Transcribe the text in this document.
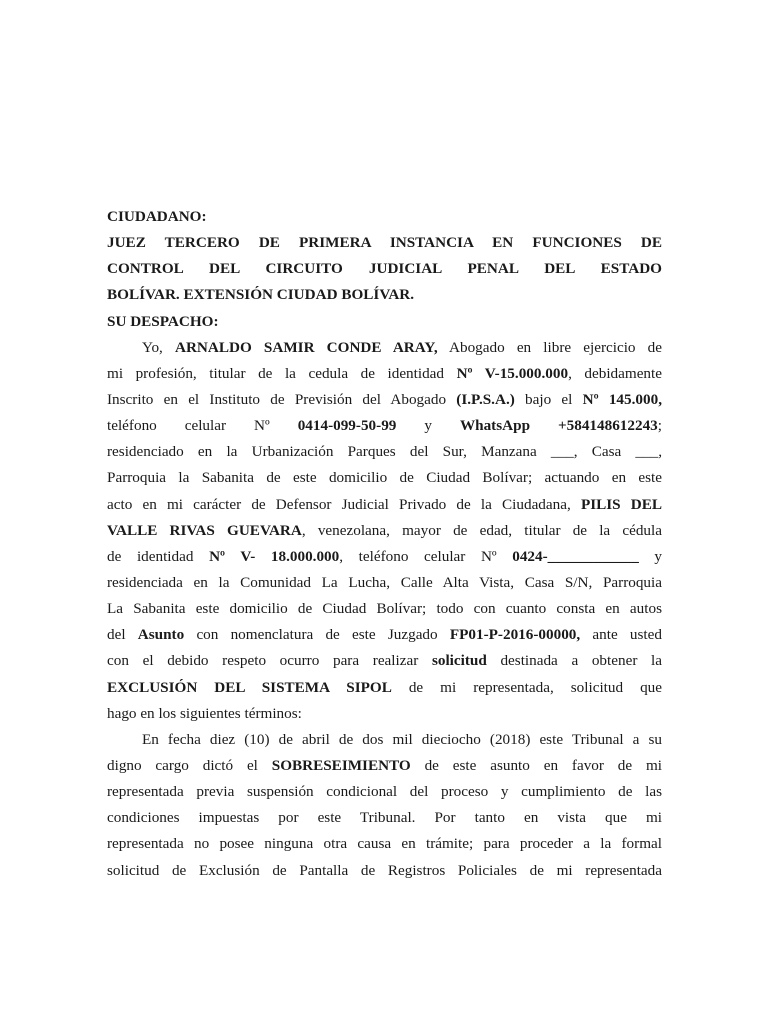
CIUDADANO:
JUEZ TERCERO DE PRIMERA INSTANCIA EN FUNCIONES DE
CONTROL DEL CIRCUITO JUDICIAL PENAL DEL ESTADO
BOLÍVAR. EXTENSIÓN CIUDAD BOLÍVAR.
SU DESPACHO:
Yo, ARNALDO SAMIR CONDE ARAY, Abogado en libre ejercicio de
mi profesión, titular de la cedula de identidad Nº V-15.000.000, debidamente
Inscrito en el Instituto de Previsión del Abogado (I.P.S.A.) bajo el Nº 145.000,
teléfono celular Nº 0414-099-50-99 y WhatsApp +584148612243;
residenciado en la Urbanización Parques del Sur, Manzana ___, Casa ___,
Parroquia la Sabanita de este domicilio de Ciudad Bolívar; actuando en este
acto en mi carácter de Defensor Judicial Privado de la Ciudadana, PILIS DEL
VALLE RIVAS GUEVARA, venezolana, mayor de edad, titular de la cédula
de identidad Nº V- 18.000.000, teléfono celular Nº 0424-____________ y
residenciada en la Comunidad La Lucha, Calle Alta Vista, Casa S/N, Parroquia
La Sabanita este domicilio de Ciudad Bolívar; todo con cuanto consta en autos
del Asunto con nomenclatura de este Juzgado FP01-P-2016-00000, ante usted
con el debido respeto ocurro para realizar solicitud destinada a obtener la
EXCLUSIÓN DEL SISTEMA SIPOL de mi representada, solicitud que
hago en los siguientes términos:
En fecha diez (10) de abril de dos mil dieciocho (2018) este Tribunal a su
digno cargo dictó el SOBRESEIMIENTO de este asunto en favor de mi
representada previa suspensión condicional del proceso y cumplimiento de las
condiciones impuestas por este Tribunal. Por tanto en vista que mi
representada no posee ninguna otra causa en trámite; para proceder a la formal
solicitud de Exclusión de Pantalla de Registros Policiales de mi representada
